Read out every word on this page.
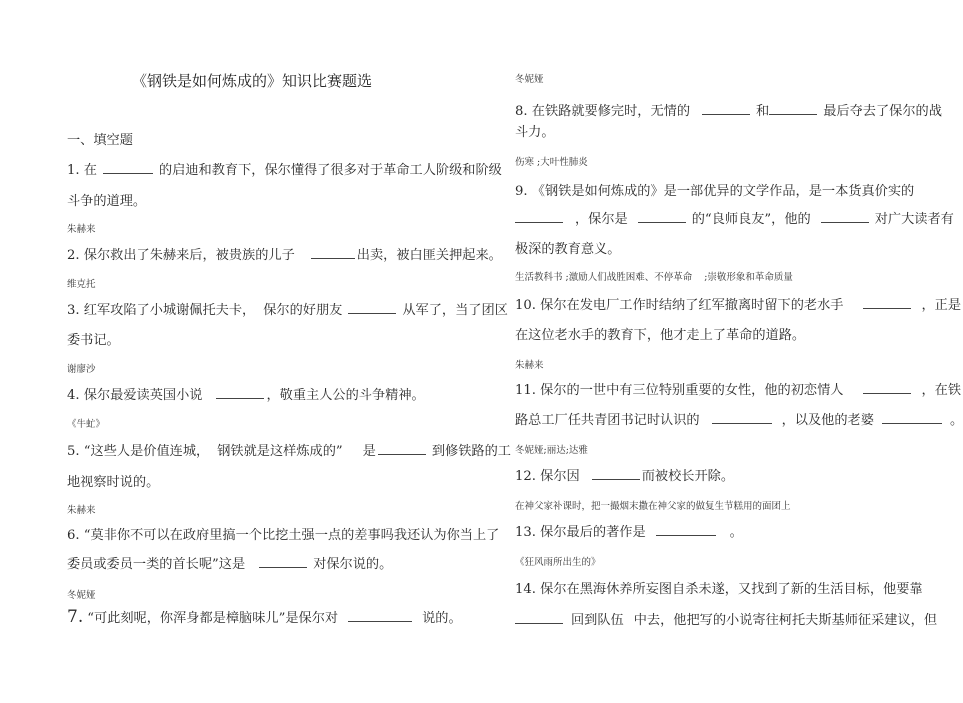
《钢铁是如何炼成的》知识比赛题选
一、填空题
1. 在	的启迪和教育下，保尔懂得了很多对于革命工人阶级和阶级
斗争的道理。
朱赫来
2. 保尔救出了朱赫来后，被贵族的儿子	出卖，被白匪关押起来。
维克托
3. 红军攻陷了小城谢佩托夫卡， 保尔的好朋友	从军了，当了团区
委书记。
谢廖沙
4. 保尔最爱读英国小说	，敬重主人公的斗争精神。
《牛虻》
5. “这些人是价值连城， 钢铁就是这样炼成的” 是	到修铁路的工
地视察时说的。
朱赫来
6. “莫非你不可以在政府里搞一个比挖土强一点的差事吗我还认为你当上了
委员或委员一类的首长呢”这是	对保尔说的。
冬妮娅
7. “可此刻呢，你浑身都是樟脑味儿”是保尔对	说的。
冬妮娅
8. 在铁路就要修完时，无情的	和	最后夺去了保尔的战
斗力。
伤寒 ;大叶性肺炎
9. 《钢铁是如何炼成的》是一部优异的文学作品，是一本货真价实的
，保尔是	的“良师良友”，他的	对广大读者有
极深的教育意义。
生活教科书 ;激励人们战胜困难、不停革命 ;崇敬形象和革命质量
10. 保尔在发电厂工作时结纳了红军撤离时留下的老水手	，正是
在这位老水手的教育下，他才走上了革命的道路。
朱赫来
11. 保尔的一世中有三位特别重要的女性，他的初恋情人	，在铁
路总工厂任共青团书记时认识的	，以及他的老婆	。
冬妮娅;丽达;达雅
12. 保尔因	而被校长开除。
在神父家补课时，把一撮烟末撒在神父家的做复生节糕用的面团上
13. 保尔最后的著作是	。
《狂风雨所出生的》
14. 保尔在黑海休养所妄图自杀未遂，又找到了新的生活目标，他要靠
回到队伍 中去，他把写的小说寄往柯托夫斯基师征采建议，但
